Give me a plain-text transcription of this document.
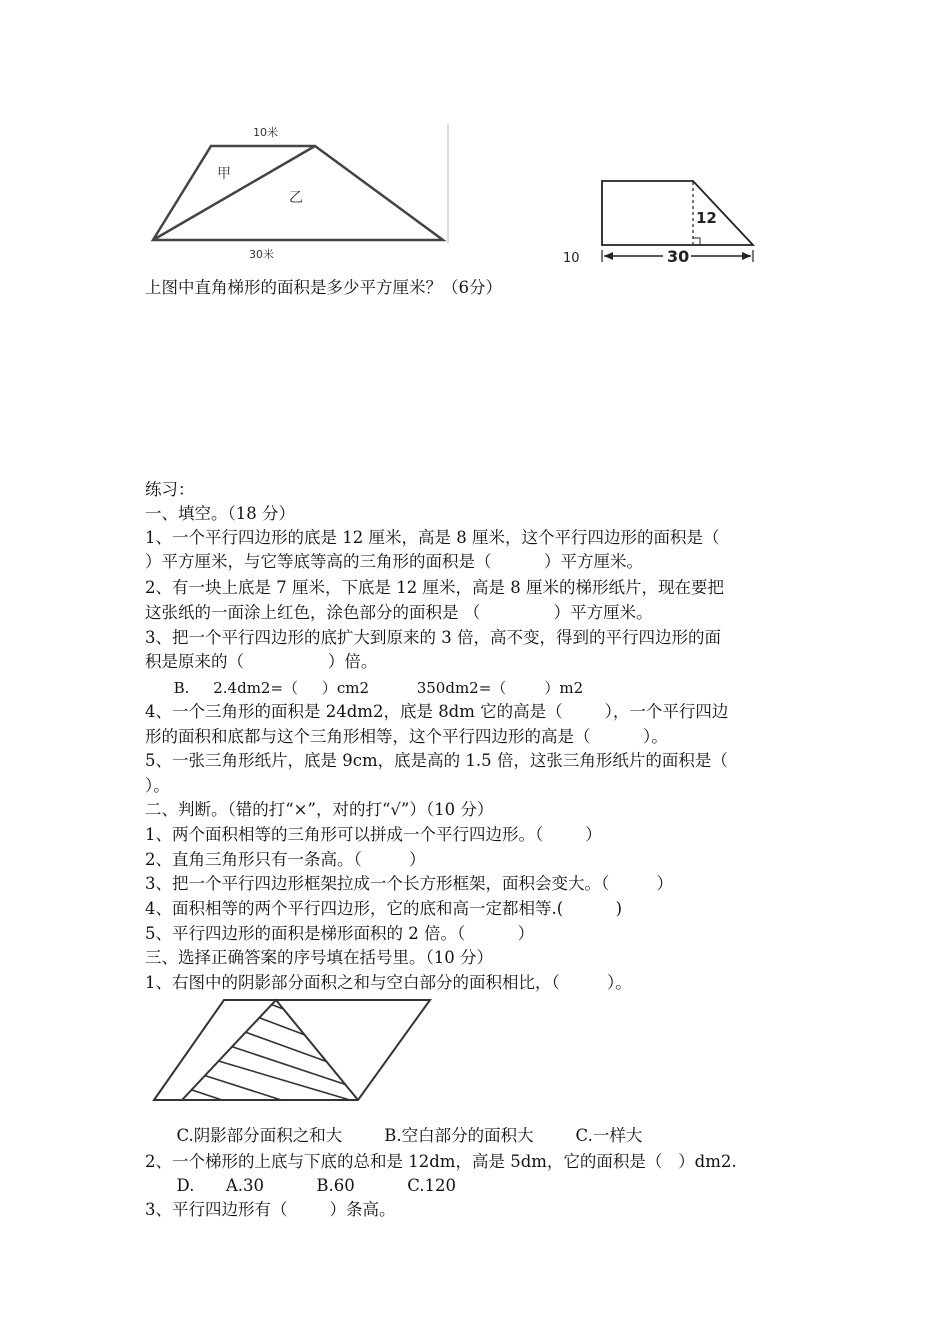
10米
甲
乙
30米
12
30
10
上图中直角梯形的面积是多少平方厘米？（6分）
练习：
一、填空。（18 分）
1、一个平行四边形的底是 12 厘米，高是 8 厘米，这个平行四边形的面积是（
）平方厘米，与它等底等高的三角形的面积是（          ）平方厘米。
2、有一块上底是 7 厘米，下底是 12 厘米，高是 8 厘米的梯形纸片，现在要把
这张纸的一面涂上红色，涂色部分的面积是 （              ）平方厘米。
3、把一个平行四边形的底扩大到原来的 3 倍，高不变，得到的平行四边形的面
积是原来的（                ）倍。
B.     2.4dm2=（     ）cm2          350dm2=（        ）m2
4、一个三角形的面积是 24dm2，底是 8dm 它的高是（        ），一个平行四边
形的面积和底都与这个三角形相等，这个平行四边形的高是（          ）。
5、一张三角形纸片，底是 9cm，底是高的 1.5 倍，这张三角形纸片的面积是（
）。
二、判断。（错的打“×”，对的打“√”）（10 分）
1、两个面积相等的三角形可以拼成一个平行四边形。（        ）
2、直角三角形只有一条高。（         ）
3、把一个平行四边形框架拉成一个长方形框架，面积会变大。（         ）
4、面积相等的两个平行四边形，它的底和高一定都相等.(          )
5、平行四边形的面积是梯形面积的 2 倍。（          ）
三、选择正确答案的序号填在括号里。（10 分）
1、右图中的阴影部分面积之和与空白部分的面积相比，（         ）。
C.阴影部分面积之和大        B.空白部分的面积大        C.一样大
2、一个梯形的上底与下底的总和是 12dm，高是 5dm，它的面积是（   ）dm2.
D.      A.30          B.60          C.120
3、平行四边形有（        ）条高。
